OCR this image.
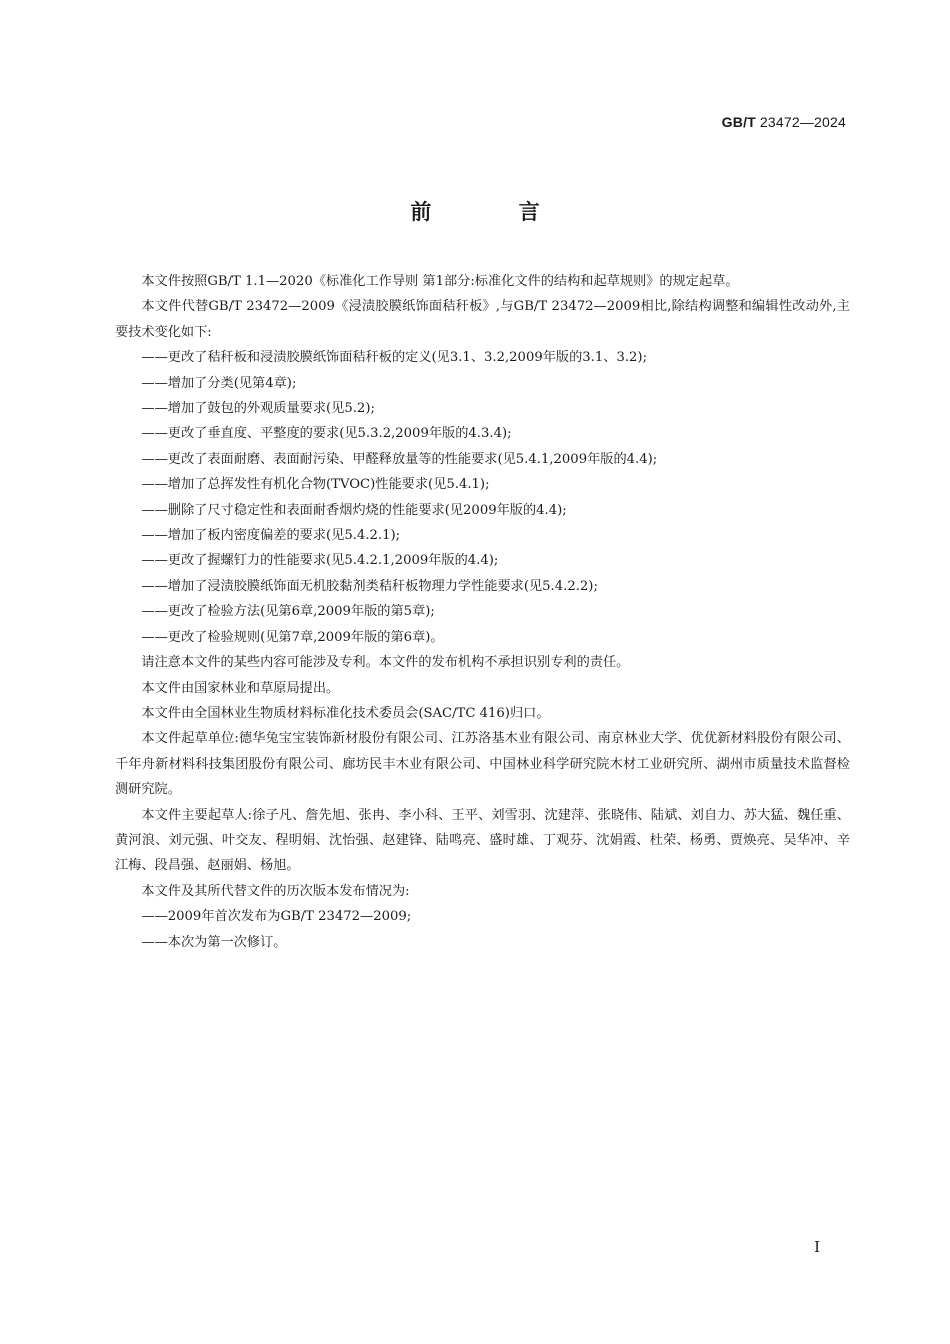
GB/T 23472—2024
前 言

本文件按照GB/T 1.1—2020《标准化工作导则 第1部分:标准化文件的结构和起草规则》的规定起草。

本文件代替GB/T 23472—2009《浸渍胶膜纸饰面秸秆板》,与GB/T 23472—2009相比,除结构调整和编辑性改动外,主要技术变化如下:

——更改了秸秆板和浸渍胶膜纸饰面秸秆板的定义(见3.1、3.2,2009年版的3.1、3.2);

——增加了分类(见第4章);

——增加了鼓包的外观质量要求(见5.2);

——更改了垂直度、平整度的要求(见5.3.2,2009年版的4.3.4);

——更改了表面耐磨、表面耐污染、甲醛释放量等的性能要求(见5.4.1,2009年版的4.4);

——增加了总挥发性有机化合物(TVOC)性能要求(见5.4.1);

——删除了尺寸稳定性和表面耐香烟灼烧的性能要求(见2009年版的4.4);

——增加了板内密度偏差的要求(见5.4.2.1);

——更改了握螺钉力的性能要求(见5.4.2.1,2009年版的4.4);

——增加了浸渍胶膜纸饰面无机胶黏剂类秸秆板物理力学性能要求(见5.4.2.2);

——更改了检验方法(见第6章,2009年版的第5章);

——更改了检验规则(见第7章,2009年版的第6章)。

请注意本文件的某些内容可能涉及专利。本文件的发布机构不承担识别专利的责任。

本文件由国家林业和草原局提出。

本文件由全国林业生物质材料标准化技术委员会(SAC/TC 416)归口。

本文件起草单位:德华兔宝宝装饰新材股份有限公司、江苏洛基木业有限公司、南京林业大学、优优新材料股份有限公司、千年舟新材料科技集团股份有限公司、廊坊民丰木业有限公司、中国林业科学研究院木材工业研究所、湖州市质量技术监督检测研究院。

本文件主要起草人:徐子凡、詹先旭、张冉、李小科、王平、刘雪羽、沈建萍、张晓伟、陆斌、刘自力、苏大猛、魏任重、黄河浪、刘元强、叶交友、程明娟、沈怡强、赵建锋、陆鸣亮、盛时雄、丁观芬、沈娟霞、杜荣、杨勇、贾焕亮、吴华冲、辛江梅、段昌强、赵丽娟、杨旭。

本文件及其所代替文件的历次版本发布情况为:

——2009年首次发布为GB/T 23472—2009;

——本次为第一次修订。

I
